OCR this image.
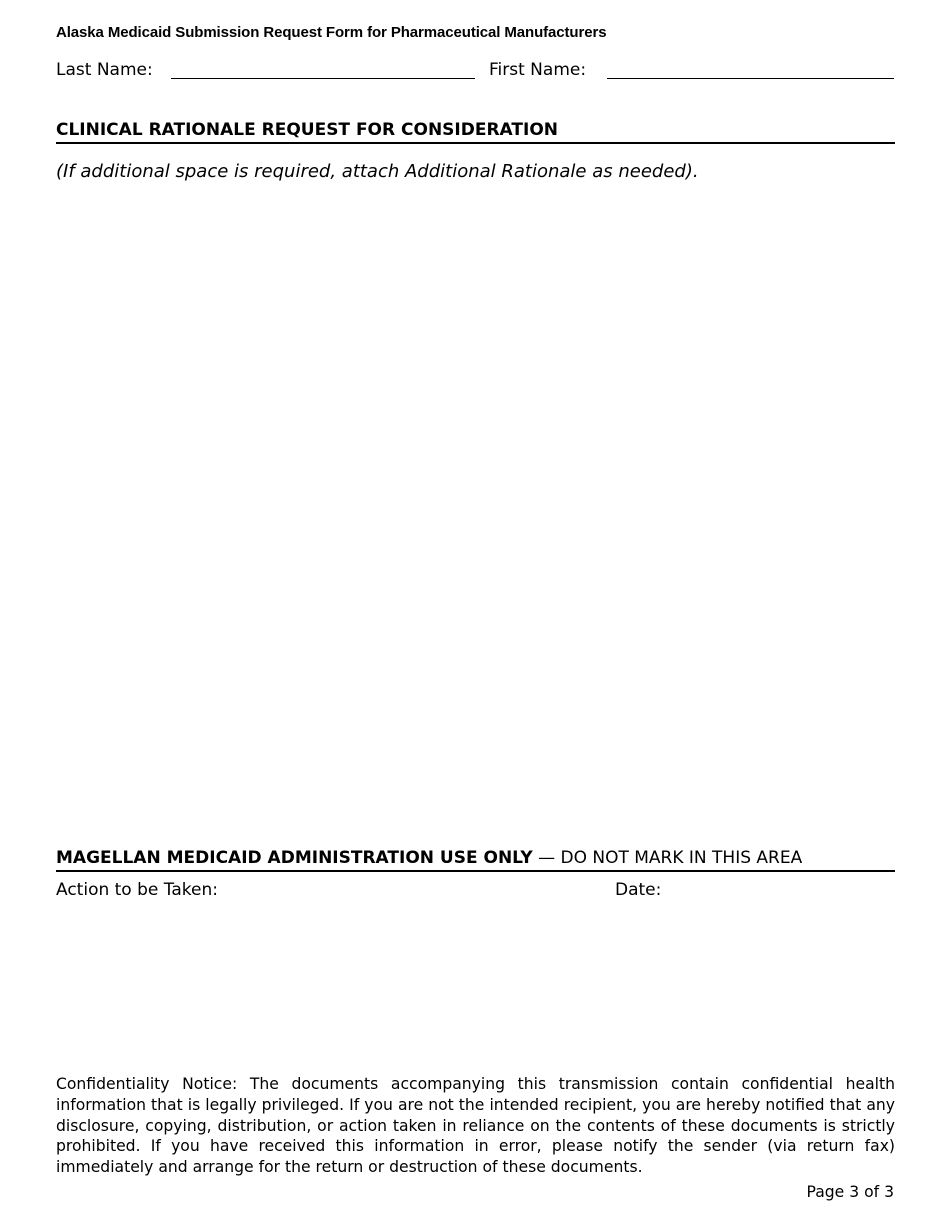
Alaska Medicaid Submission Request Form for Pharmaceutical Manufacturers
Last Name:	First Name:
CLINICAL RATIONALE REQUEST FOR CONSIDERATION
(If additional space is required, attach Additional Rationale as needed).
MAGELLAN MEDICAID ADMINISTRATION USE ONLY — DO NOT MARK IN THIS AREA
Action to be Taken:	Date:
Confidentiality Notice: The documents accompanying this transmission contain confidential health information that is legally privileged. If you are not the intended recipient, you are hereby notified that any disclosure, copying, distribution, or action taken in reliance on the contents of these documents is strictly prohibited. If you have received this information in error, please notify the sender (via return fax) immediately and arrange for the return or destruction of these documents.
Page 3 of 3
